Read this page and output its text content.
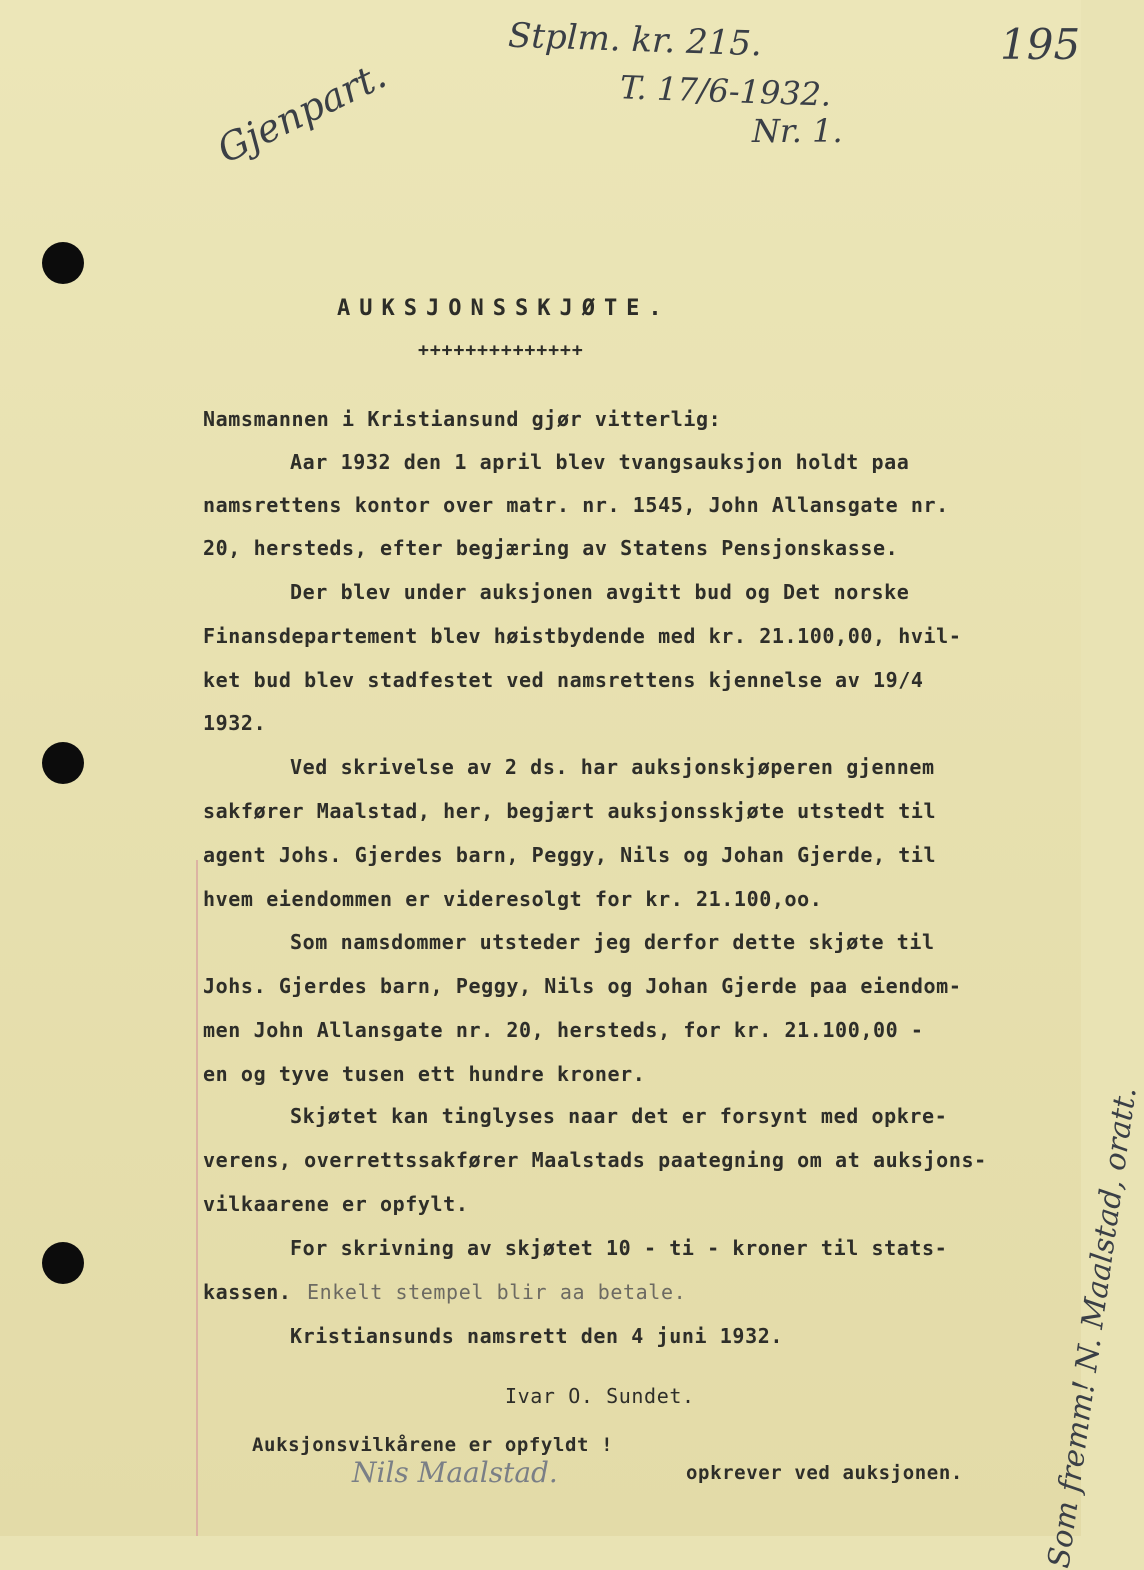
Stplm. kr. 215.
T. 17/6-1932.
Nr. 1.
195
Gjenpart.
AUKSJONSSKJØTE.
++++++++++++++
Namsmannen i Kristiansund gjør vitterlig:
Aar 1932 den 1 april blev tvangsauksjon holdt paa
namsrettens kontor over matr. nr. 1545, John Allansgate nr.
20, hersteds, efter begjæring av Statens Pensjonskasse.
Der blev under auksjonen avgitt bud og Det norske
Finansdepartement blev høistbydende med kr. 21.100,00, hvil-
ket bud blev stadfestet ved namsrettens kjennelse av 19/4
1932.
Ved skrivelse av 2 ds. har auksjonskjøperen gjennem
sakfører Maalstad, her, begjært auksjonsskjøte utstedt til
agent Johs. Gjerdes barn, Peggy, Nils og Johan Gjerde, til
hvem eiendommen er videresolgt for kr. 21.100,oo.
Som namsdommer utsteder jeg derfor dette skjøte til
Johs. Gjerdes barn, Peggy, Nils og Johan Gjerde paa eiendom-
men John Allansgate nr. 20, hersteds, for kr. 21.100,00 -
en og tyve tusen ett hundre kroner.
Skjøtet kan tinglyses naar det er forsynt med opkre-
verens, overrettssakfører Maalstads paategning om at auksjons-
vilkaarene er opfylt.
For skrivning av skjøtet 10 - ti - kroner til stats-
kassen. Enkelt stempel blir aa betale.
Kristiansunds namsrett den 4 juni 1932.
Ivar O. Sundet.
Auksjonsvilkårene er opfyldt !
Nils Maalstad.	opkrever ved auksjonen.	Som fremm! N. Maalstad, oratt.
